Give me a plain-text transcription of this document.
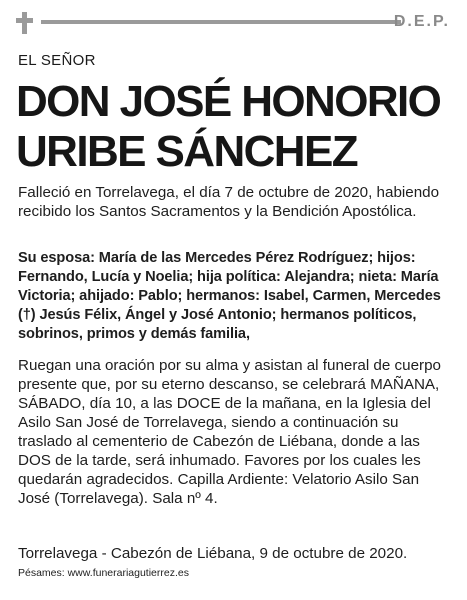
D.E.P.
EL SEÑOR
DON JOSÉ HONORIO
URIBE SÁNCHEZ
Falleció en Torrelavega, el día 7 de octubre de 2020, habiendo recibido los Santos Sacramentos y la Bendición Apostólica.
Su esposa: María de las Mercedes Pérez Rodríguez; hijos: Fernando, Lucía y Noelia; hija política: Alejandra; nieta: María Victoria; ahijado: Pablo; hermanos: Isabel, Carmen, Mercedes (†) Jesús Félix, Ángel y José Antonio; hermanos políticos, sobrinos, primos y demás familia,
Ruegan una oración por su alma y asistan al funeral de cuerpo presente que, por su eterno descanso, se celebrará MAÑANA, SÁBADO, día 10, a las DOCE de la mañana, en la Iglesia del Asilo San José de Torrelavega, siendo a continuación su traslado al cementerio de Cabezón de Liébana, donde a las DOS de la tarde, será inhumado. Favores por los cuales les quedarán agradecidos. Capilla Ardiente: Velatorio Asilo San José (Torrelavega). Sala nº 4.
Torrelavega - Cabezón de Liébana, 9 de octubre de 2020.
Pésames: www.funerariagutierrez.es
